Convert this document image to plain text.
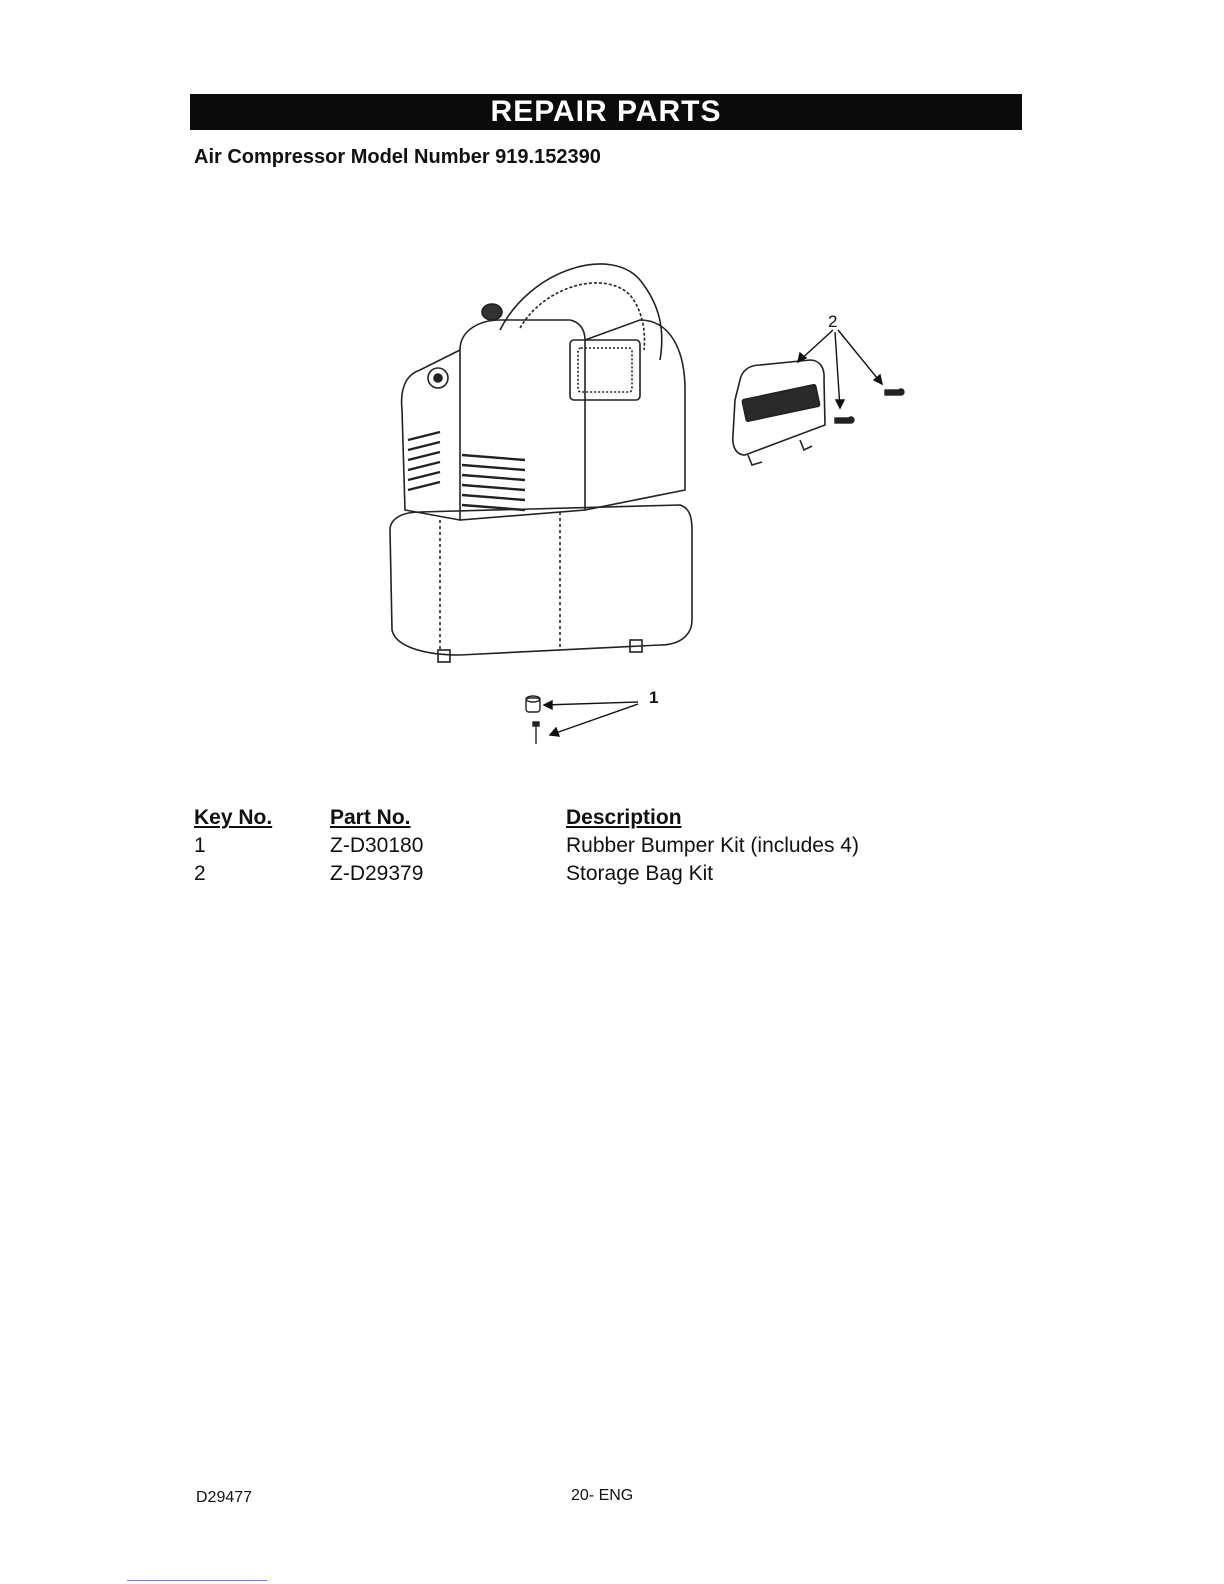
REPAIR PARTS
Air Compressor Model Number 919.152390
2
1
Key No.	Part No.	Description
1	Z-D30180	Rubber Bumper Kit (includes 4)
2	Z-D29379	Storage Bag Kit
D29477	20- ENG
